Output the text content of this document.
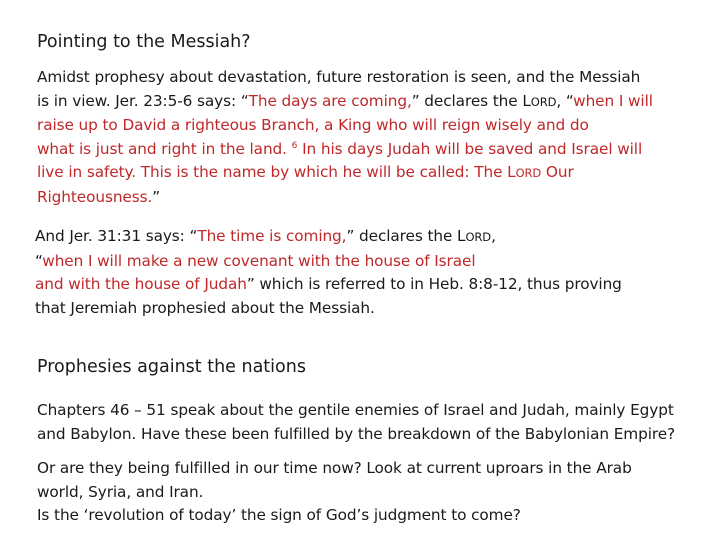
Pointing to the Messiah?
Amidst prophesy about devastation, future restoration is seen, and the Messiah
is in view. Jer. 23:5-6 says: “The days are coming,” declares the LORD, “when I will
raise up to David a righteous Branch, a King who will reign wisely and do
what is just and right in the land. $^6$ In his days Judah will be saved and Israel will
live in safety. This is the name by which he will be called: The LORD Our
Righteousness.”
And Jer. 31:31 says: “The time is coming,” declares the LORD,
“when I will make a new covenant with the house of Israel
and with the house of Judah” which is referred to in Heb. 8:8-12, thus proving
that Jeremiah prophesied about the Messiah.
Prophesies against the nations
Chapters 46 – 51 speak about the gentile enemies of Israel and Judah, mainly Egypt
and Babylon. Have these been fulfilled by the breakdown of the Babylonian Empire?
Or are they being fulfilled in our time now? Look at current uproars in the Arab
world, Syria, and Iran.
Is the ‘revolution of today’ the sign of God’s judgment to come?
